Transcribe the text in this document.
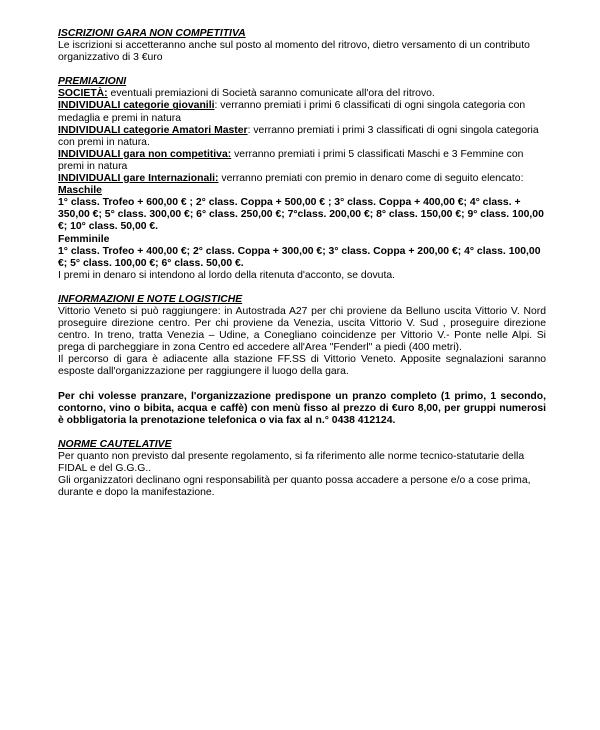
ISCRIZIONI GARA NON COMPETITIVA

Le iscrizioni si accetteranno anche sul posto al momento del ritrovo, dietro versamento di un contributo organizzativo di 3 €uro

PREMIAZIONI

SOCIETÀ: eventuali premiazioni di Società saranno comunicate all'ora del ritrovo.

INDIVIDUALI categorie giovanili: verranno premiati i primi 6 classificati di ogni singola categoria con medaglia e premi in natura

INDIVIDUALI categorie Amatori Master: verranno premiati i primi 3 classificati di ogni singola categoria con premi in natura.

INDIVIDUALI gara non competitiva: verranno premiati i primi 5 classificati Maschi e 3 Femmine con premi in natura

INDIVIDUALI gare Internazionali: verranno premiati con premio in denaro come di seguito elencato:

Maschile

1° class. Trofeo + 600,00 € ; 2° class. Coppa + 500,00 € ; 3° class. Coppa + 400,00 €; 4° class. + 350,00 €; 5° class. 300,00 €; 6° class. 250,00 €; 7°class. 200,00 €; 8° class. 150,00 €; 9° class. 100,00 €; 10° class. 50,00 €.

Femminile

1° class. Trofeo + 400,00 €; 2° class. Coppa + 300,00 €; 3° class. Coppa + 200,00 €; 4° class. 100,00 €; 5° class. 100,00 €; 6° class. 50,00 €.

I premi in denaro si intendono al lordo della ritenuta d'acconto, se dovuta.

INFORMAZIONI E NOTE LOGISTICHE

Vittorio Veneto si può raggiungere: in Autostrada A27 per chi proviene da Belluno uscita Vittorio V. Nord proseguire direzione centro. Per chi proviene da Venezia, uscita Vittorio V. Sud , proseguire direzione centro. In treno, tratta Venezia – Udine, a Conegliano coincidenze per Vittorio V.- Ponte nelle Alpi. Si prega di parcheggiare in zona Centro ed accedere all'Area "Fenderl" a piedi (400 metri).

Il percorso di gara è adiacente alla stazione FF.SS di Vittorio Veneto. Apposite segnalazioni saranno esposte dall'organizzazione per raggiungere il luogo della gara.

Per chi volesse pranzare, l'organizzazione predispone un pranzo completo (1 primo, 1 secondo, contorno, vino o bibita, acqua e caffè) con menù fisso al prezzo di €uro 8,00, per gruppi numerosi è obbligatoria la prenotazione telefonica o via fax al n.° 0438 412124.

NORME CAUTELATIVE

Per quanto non previsto dal presente regolamento, si fa riferimento alle norme tecnico-statutarie della FIDAL e del G.G.G..

Gli organizzatori declinano ogni responsabilità per quanto possa accadere a persone e/o a cose prima, durante e dopo la manifestazione.
